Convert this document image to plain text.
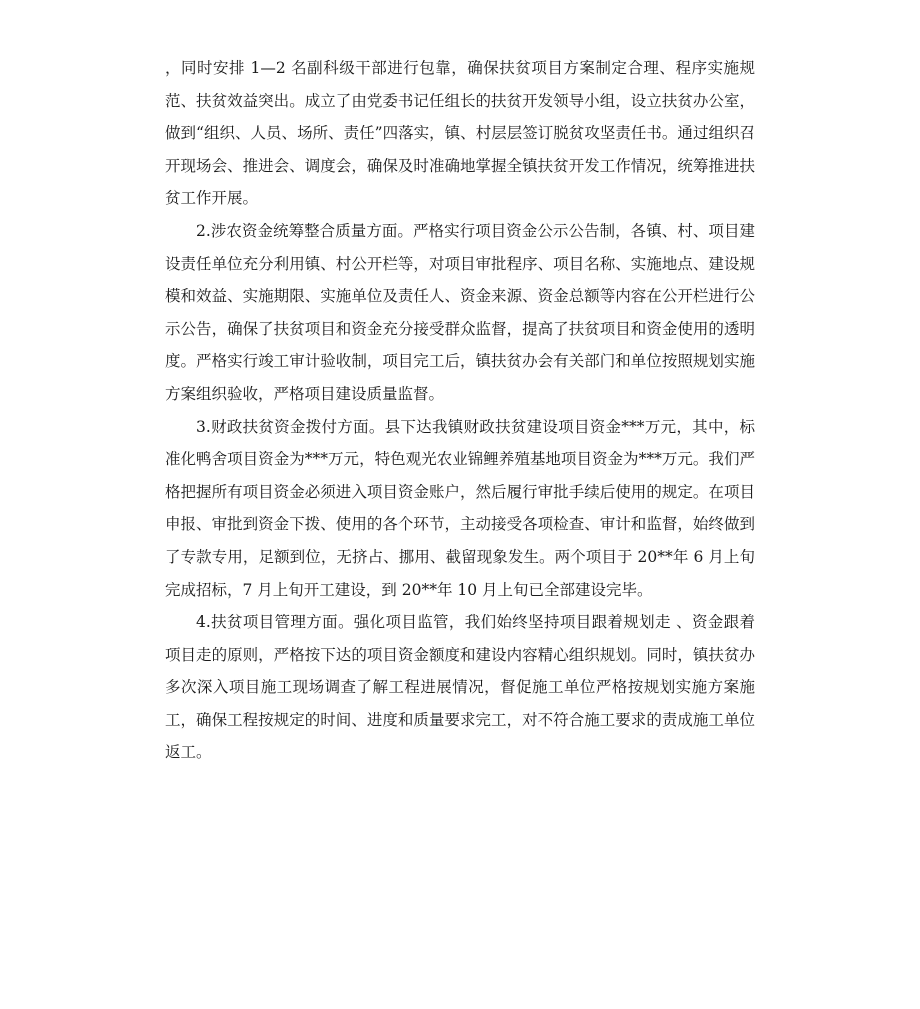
，同时安排 1—2 名副科级干部进行包靠，确保扶贫项目方案制定合理、程序实施规范、扶贫效益突出。成立了由党委书记任组长的扶贫开发领导小组，设立扶贫办公室，做到“组织、人员、场所、责任”四落实，镇、村层层签订脱贫攻坚责任书。通过组织召开现场会、推进会、调度会，确保及时准确地掌握全镇扶贫开发工作情况，统筹推进扶贫工作开展。

2.涉农资金统筹整合质量方面。严格实行项目资金公示公告制，各镇、村、项目建设责任单位充分利用镇、村公开栏等，对项目审批程序、项目名称、实施地点、建设规模和效益、实施期限、实施单位及责任人、资金来源、资金总额等内容在公开栏进行公示公告，确保了扶贫项目和资金充分接受群众监督，提高了扶贫项目和资金使用的透明度。严格实行竣工审计验收制，项目完工后，镇扶贫办会有关部门和单位按照规划实施方案组织验收，严格项目建设质量监督。

3.财政扶贫资金拨付方面。县下达我镇财政扶贫建设项目资金***万元，其中，标准化鸭舍项目资金为***万元，特色观光农业锦鲤养殖基地项目资金为***万元。我们严格把握所有项目资金必须进入项目资金账户，然后履行审批手续后使用的规定。在项目申报、审批到资金下拨、使用的各个环节，主动接受各项检查、审计和监督，始终做到了专款专用，足额到位，无挤占、挪用、截留现象发生。两个项目于 20**年 6 月上旬完成招标，7 月上旬开工建设，到 20**年 10 月上旬已全部建设完毕。

4.扶贫项目管理方面。强化项目监管，我们始终坚持项目跟着规划走 、资金跟着项目走的原则，严格按下达的项目资金额度和建设内容精心组织规划。同时，镇扶贫办多次深入项目施工现场调查了解工程进展情况，督促施工单位严格按规划实施方案施工，确保工程按规定的时间、进度和质量要求完工，对不符合施工要求的责成施工单位返工。
